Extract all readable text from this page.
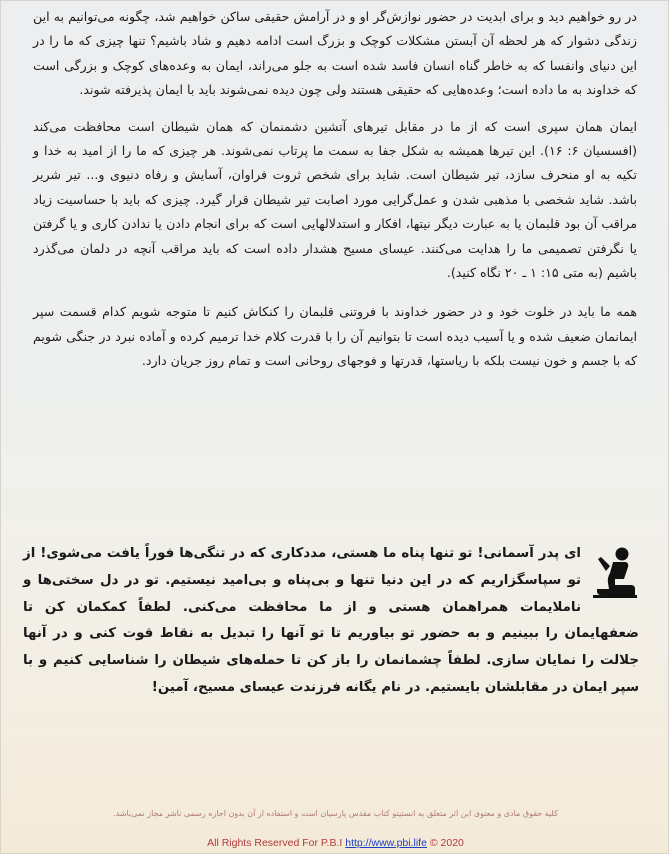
در رو خواهیم دید و برای ابدیت در حضور نوازش‌گر او و در آرامش حقیقی ساکن خواهیم شد، چگونه می‌توانیم به این زندگی دشوار که هر لحظه آن آبستن مشکلات کوچک و بزرگ است ادامه دهیم و شاد باشیم؟ تنها چیزی که ما را در این دنیای وانفسا که به خاطر گناه انسان فاسد شده است به جلو می‌راند، ایمان به وعده‌های کوچک و بزرگی است که خداوند به ما داده است؛ وعده‌هایی که حقیقی هستند ولی چون دیده نمی‌شوند باید با ایمان پذیرفته شوند.

ایمان همان سپری است که از ما در مقابل تیرهای آتشین دشمنمان که همان شیطان است محافظت می‌کند (افسسیان ۶: ۱۶). این تیرها همیشه به شکل جفا به سمت ما پرتاب نمی‌شوند. هر چیزی که ما را از امید به خدا و تکیه به او منحرف سازد، تیر شیطان است. شاید برای شخص ثروت فراوان، آسایش و رفاه دنیوی و... تیر شریر باشد. شاید شخصی با مذهبی شدن و عمل‌گرایی مورد اصابت تیر شیطان قرار گیرد. چیزی که باید با حساسیت زیاد مراقب آن بود قلبمان یا به عبارت دیگر نیتها، افکار و استدلالهایی است که برای انجام دادن یا ندادن کاری و یا گرفتن یا نگرفتن تصمیمی ما را هدایت می‌کنند. عیسای مسیح هشدار داده است که باید مراقب آنچه در دلمان می‌گذرد باشیم (به متی ۱۵: ۱ ـ ۲۰ نگاه کنید).

همه ما باید در خلوت خود و در حضور خداوند با فروتنی قلبمان را کنکاش کنیم تا متوجه شویم کدام قسمت سپر ایمانمان ضعیف شده و یا آسیب دیده است تا بتوانیم آن را با قدرت کلام خدا ترمیم کرده و آماده نبرد در جنگی شویم که با جسم و خون نیست بلکه با ریاستها، قدرتها و فوجهای روحانی است و تمام روز جریان دارد.

ای پدر آسمانی! تو تنها پناه ما هستی، مددکاری که در تنگی‌ها فوراً یافت می‌شوی! از تو سپاسگزاریم که در این دنیا تنها و بی‌پناه و بی‌امید نیستیم. تو در دل سختی‌ها و ناملایمات همراهمان هستی و از ما محافظت می‌کنی. لطفاً کمکمان کن تا ضعفهایمان را ببینیم و به حضور تو بیاوریم تا تو آنها را تبدیل به نقاط قوت کنی و در آنها جلالت را نمایان سازی. لطفاً چشمانمان را باز کن تا حمله‌های شیطان را شناسایی کنیم و با سپر ایمان در مقابلشان بایستیم. در نام یگانه فرزندت عیسای مسیح، آمین!

کلیه حقوق مادی و معنوی این اثر متعلق به انستیتو کتاب مقدس پارسیان است و استفاده از آن بدون اجازه رسمی ناشر مجاز نمی‌باشد.
All Rights Reserved For P.B.I http://www.pbi.life © 2020
